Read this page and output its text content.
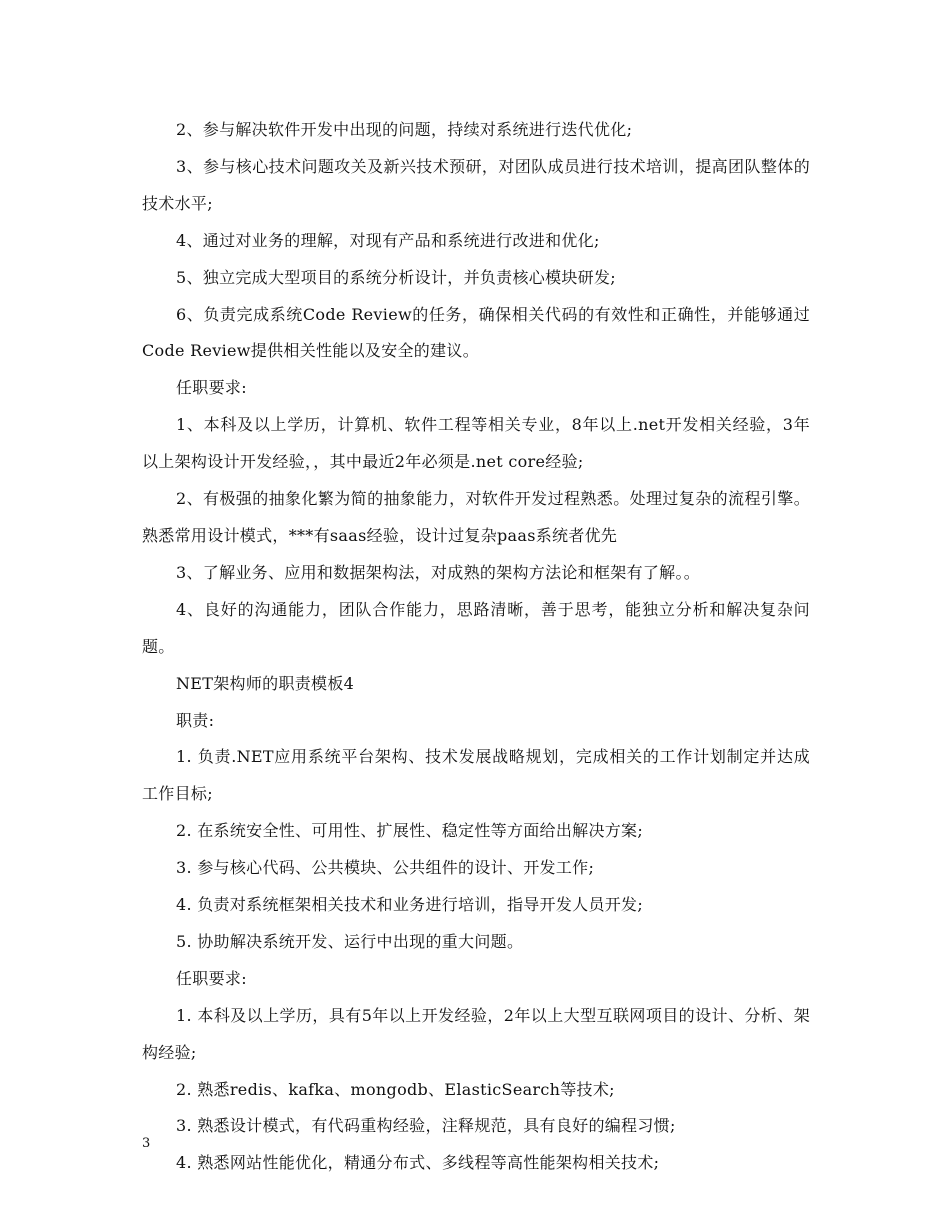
2、参与解决软件开发中出现的问题，持续对系统进行迭代优化;

3、参与核心技术问题攻关及新兴技术预研，对团队成员进行技术培训，提高团队整体的技术水平;

4、通过对业务的理解，对现有产品和系统进行改进和优化;

5、独立完成大型项目的系统分析设计，并负责核心模块研发;

6、负责完成系统Code Review的任务，确保相关代码的有效性和正确性，并能够通过Code Review提供相关性能以及安全的建议。

任职要求:

1、本科及以上学历，计算机、软件工程等相关专业，8年以上.net开发相关经验，3年以上架构设计开发经验，，其中最近2年必须是.net core经验;

2、有极强的抽象化繁为简的抽象能力，对软件开发过程熟悉。处理过复杂的流程引擎。熟悉常用设计模式，***有saas经验，设计过复杂paas系统者优先

3、了解业务、应用和数据架构法，对成熟的架构方法论和框架有了解。。

4、良好的沟通能力，团队合作能力，思路清晰，善于思考，能独立分析和解决复杂问题。

NET架构师的职责模板4

职责:

1. 负责.NET应用系统平台架构、技术发展战略规划，完成相关的工作计划制定并达成工作目标;

2. 在系统安全性、可用性、扩展性、稳定性等方面给出解决方案;

3. 参与核心代码、公共模块、公共组件的设计、开发工作;

4. 负责对系统框架相关技术和业务进行培训，指导开发人员开发;

5. 协助解决系统开发、运行中出现的重大问题。

任职要求:

1. 本科及以上学历，具有5年以上开发经验，2年以上大型互联网项目的设计、分析、架构经验;

2. 熟悉redis、kafka、mongodb、ElasticSearch等技术;

3. 熟悉设计模式，有代码重构经验，注释规范，具有良好的编程习惯;

4. 熟悉网站性能优化，精通分布式、多线程等高性能架构相关技术;

3
